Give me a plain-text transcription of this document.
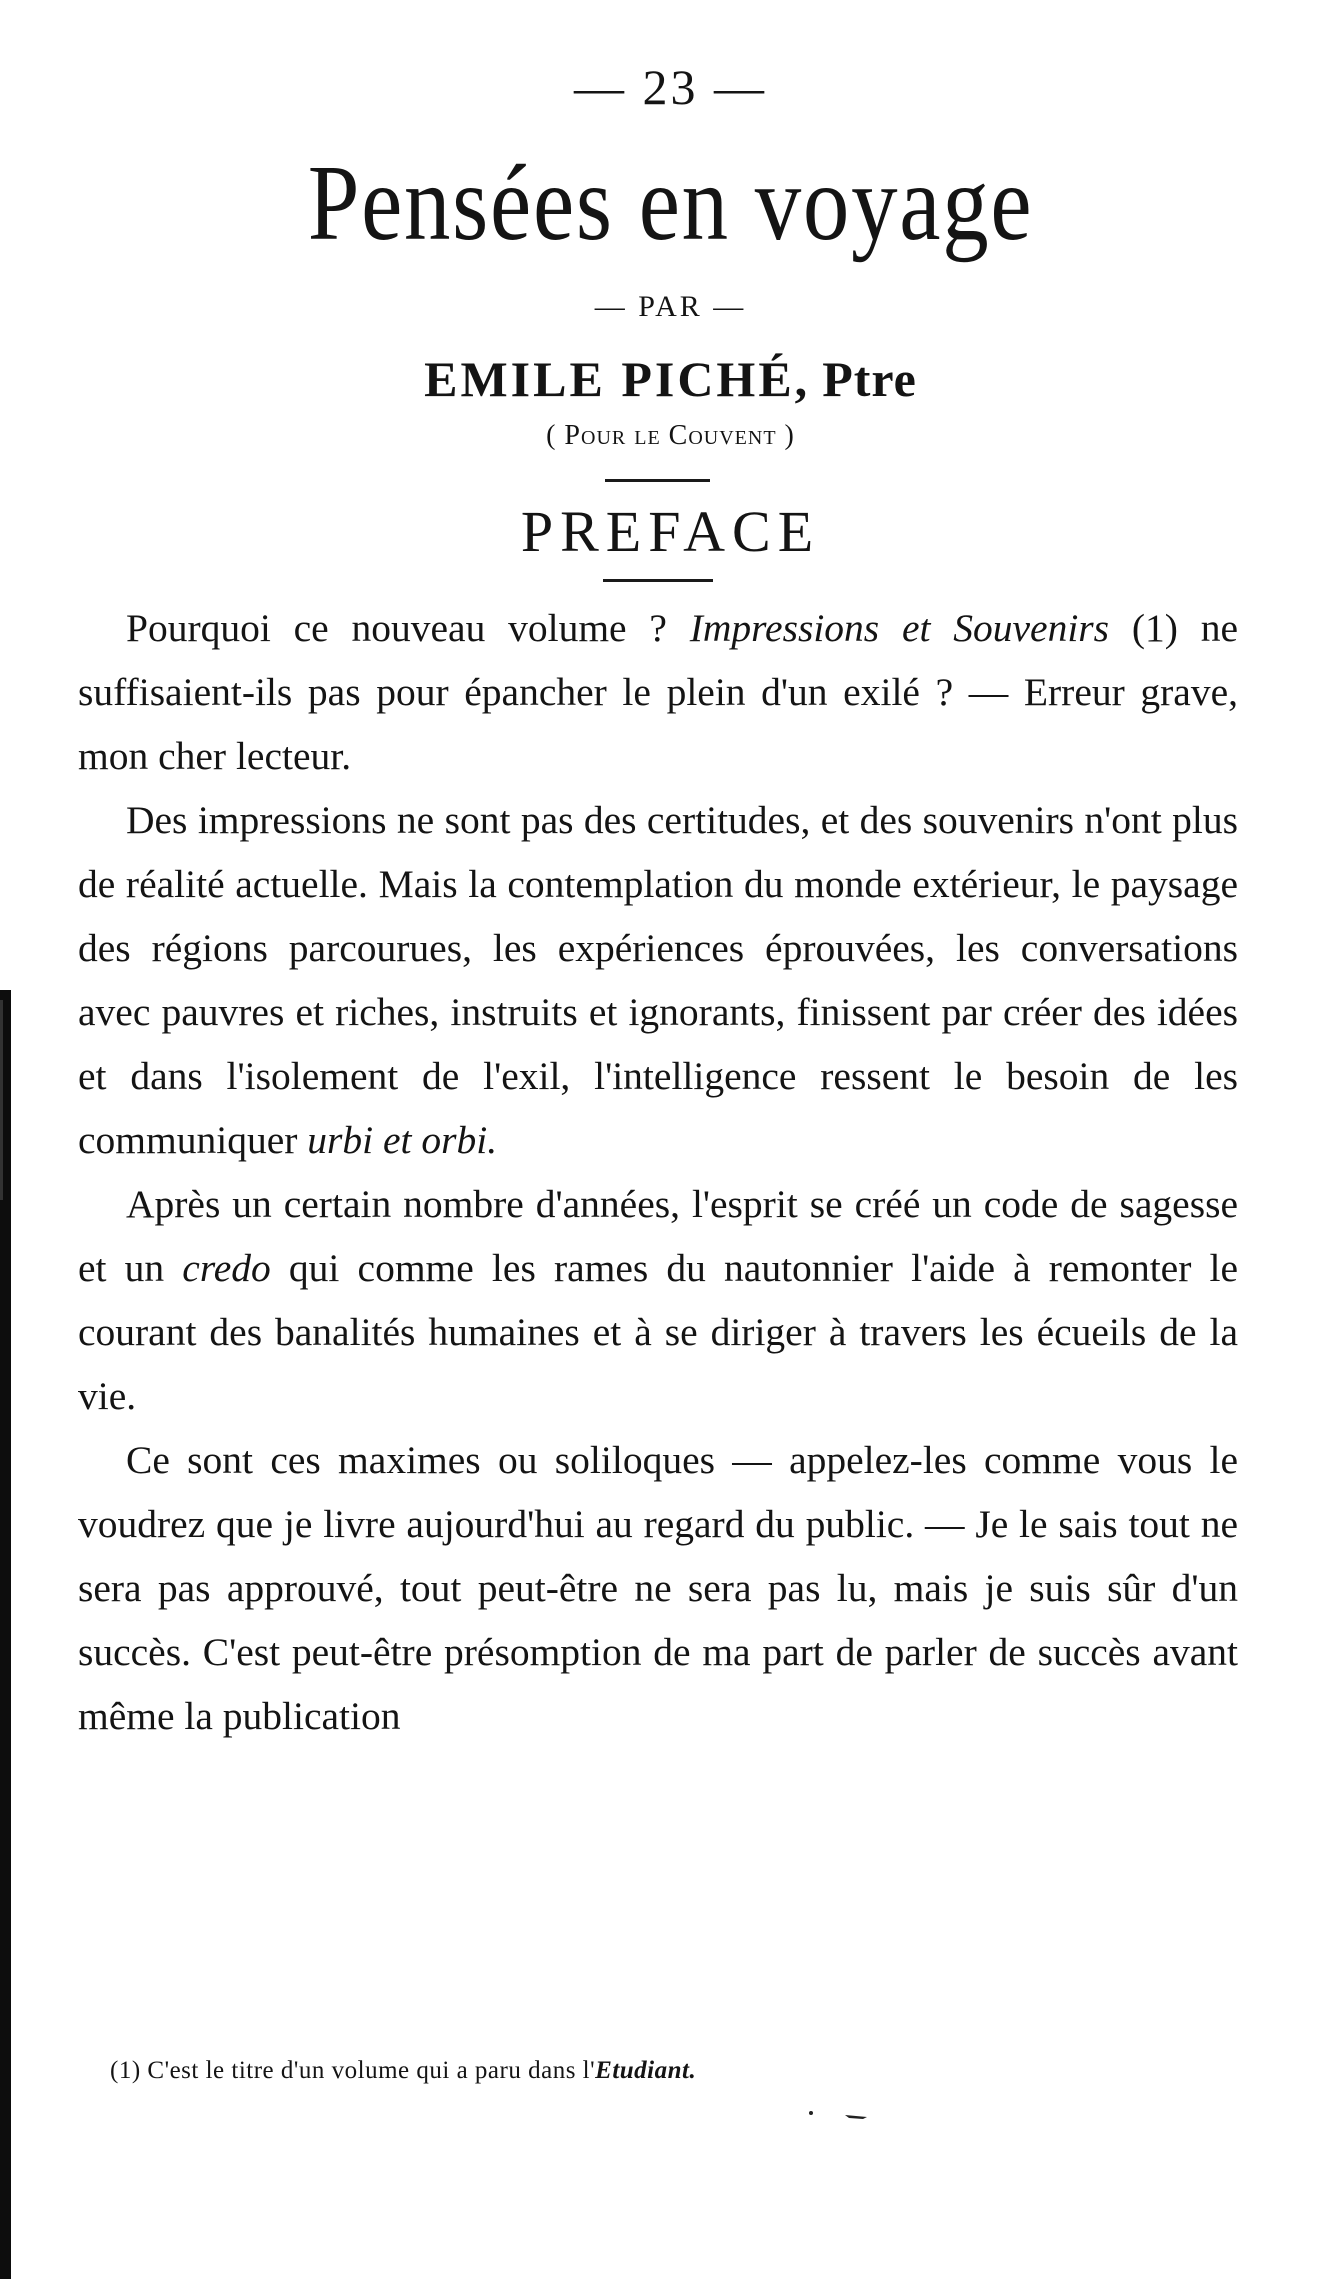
— 23 —
Pensées en voyage
— PAR —
EMILE PICHÉ, Ptre
( Pour le Couvent )
PREFACE

Pourquoi ce nouveau volume ? Impressions et Souvenirs (1) ne suffisaient-ils pas pour épancher le plein d'un exilé ? — Erreur grave, mon cher lecteur.

Des impressions ne sont pas des certitudes, et des souvenirs n'ont plus de réalité actuelle. Mais la contemplation du monde extérieur, le paysage des régions parcourues, les expériences éprouvées, les conversations avec pauvres et riches, instruits et ignorants, finissent par créer des idées et dans l'isolement de l'exil, l'intelligence ressent le besoin de les communiquer urbi et orbi.

Après un certain nombre d'années, l'esprit se créé un code de sagesse et un credo qui comme les rames du nautonnier l'aide à remonter le courant des banalités humaines et à se diriger à travers les écueils de la vie.

Ce sont ces maximes ou soliloques — appelez-les comme vous le voudrez que je livre aujourd'hui au regard du public. — Je le sais tout ne sera pas approuvé, tout peut-être ne sera pas lu, mais je suis sûr d'un succès. C'est peut-être présomption de ma part de parler de succès avant même la publication

(1) C'est le titre d'un volume qui a paru dans l'Etudiant.
